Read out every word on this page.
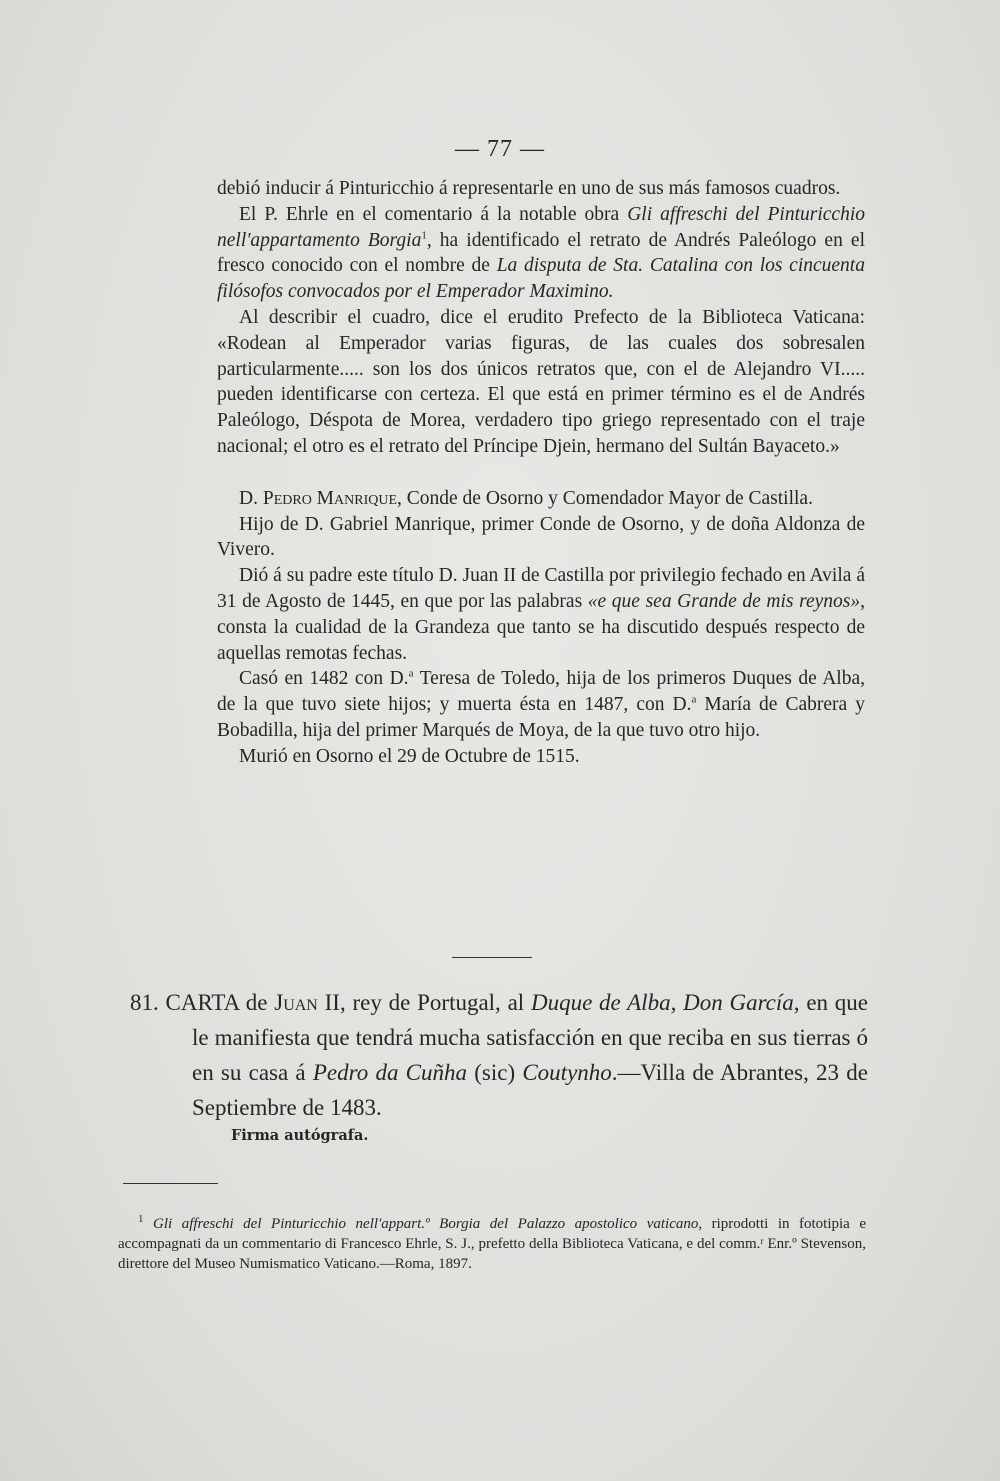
— 77 —

debió inducir á Pinturicchio á representarle en uno de sus más famosos cuadros.

El P. Ehrle en el comentario á la notable obra Gli affreschi del Pinturicchio nell'appartamento Borgia$^1$, ha identificado el retrato de Andrés Paleólogo en el fresco conocido con el nombre de La disputa de Sta. Catalina con los cincuenta filósofos convocados por el Emperador Maximino.

Al describir el cuadro, dice el erudito Prefecto de la Biblioteca Vaticana: «Rodean al Emperador varias figuras, de las cuales dos sobresalen particularmente..... son los dos únicos retratos que, con el de Alejandro VI..... pueden identificarse con certeza. El que está en primer término es el de Andrés Paleólogo, Déspota de Morea, verdadero tipo griego representado con el traje nacional; el otro es el retrato del Príncipe Djein, hermano del Sultán Bayaceto.»

D. Pedro Manrique, Conde de Osorno y Comendador Mayor de Castilla.

Hijo de D. Gabriel Manrique, primer Conde de Osorno, y de doña Aldonza de Vivero.

Dió á su padre este título D. Juan II de Castilla por privilegio fechado en Avila á 31 de Agosto de 1445, en que por las palabras «e que sea Grande de mis reynos», consta la cualidad de la Grandeza que tanto se ha discutido después respecto de aquellas remotas fechas.

Casó en 1482 con D.$^a$ Teresa de Toledo, hija de los primeros Duques de Alba, de la que tuvo siete hijos; y muerta ésta en 1487, con D.$^a$ María de Cabrera y Bobadilla, hija del primer Marqués de Moya, de la que tuvo otro hijo.

Murió en Osorno el 29 de Octubre de 1515.

81. CARTA de Juan II, rey de Portugal, al Duque de Alba, Don García, en que le manifiesta que tendrá mucha satisfacción en que reciba en sus tierras ó en su casa á Pedro da Cuñha (sic) Coutynho.—Villa de Abrantes, 23 de Septiembre de 1483.

Firma autógrafa.

$^1$ Gli affreschi del Pinturicchio nell'appart.º Borgia del Palazzo apostolico vaticano, riprodotti in fototipia e accompagnati da un commentario di Francesco Ehrle, S. J., prefetto della Biblioteca Vaticana, e del comm.ʳ Enr.º Stevenson, direttore del Museo Numismatico Vaticano.—Roma, 1897.
